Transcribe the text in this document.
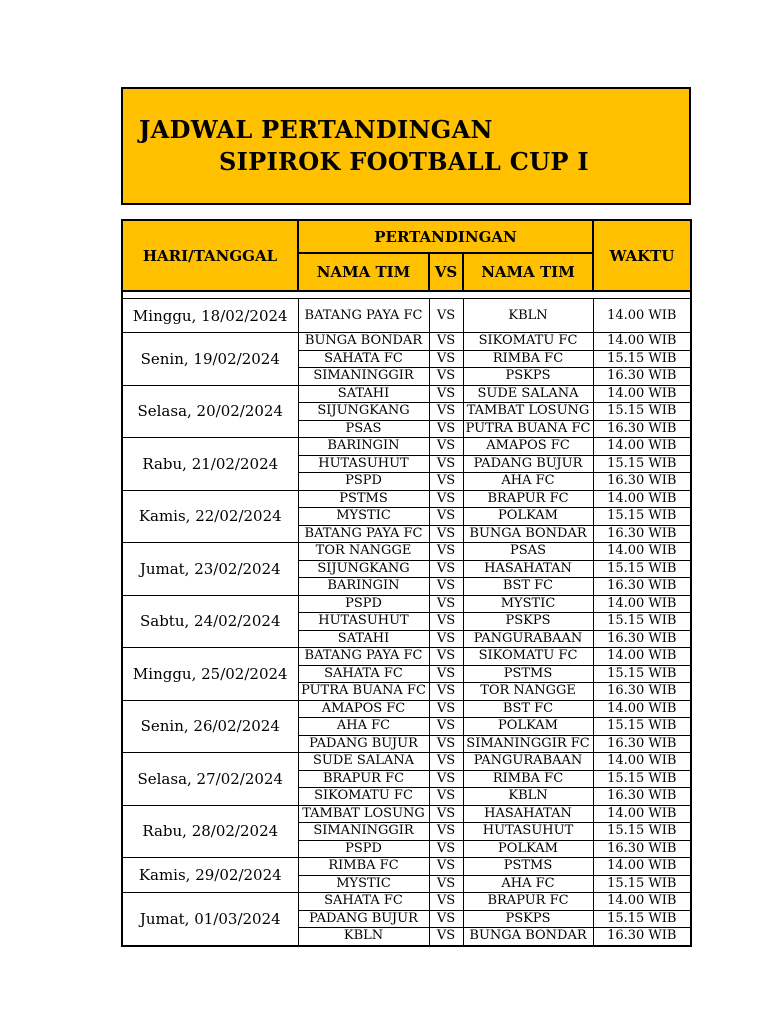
JADWAL PERTANDINGAN
SIPIROK FOOTBALL CUP I
HARI/TANGGAL	PERTANDINGAN			WAKTU
	NAMA TIM	VS	NAMA TIM	

Minggu, 18/02/2024	BATANG PAYA FC	VS	KBLN	14.00 WIB
Senin, 19/02/2024	BUNGA BONDAR	VS	SIKOMATU FC	14.00 WIB
	SAHATA FC	VS	RIMBA FC	15.15 WIB
	SIMANINGGIR	VS	PSKPS	16.30 WIB
Selasa, 20/02/2024	SATAHI	VS	SUDE SALANA	14.00 WIB
	SIJUNGKANG	VS	TAMBAT LOSUNG	15.15 WIB
	PSAS	VS	PUTRA BUANA FC	16.30 WIB
Rabu, 21/02/2024	BARINGIN	VS	AMAPOS FC	14.00 WIB
	HUTASUHUT	VS	PADANG BUJUR	15.15 WIB
	PSPD	VS	AHA FC	16.30 WIB
Kamis, 22/02/2024	PSTMS	VS	BRAPUR FC	14.00 WIB
	MYSTIC	VS	POLKAM	15.15 WIB
	BATANG PAYA FC	VS	BUNGA BONDAR	16.30 WIB
Jumat, 23/02/2024	TOR NANGGE	VS	PSAS	14.00 WIB
	SIJUNGKANG	VS	HASAHATAN	15.15 WIB
	BARINGIN	VS	BST FC	16.30 WIB
Sabtu, 24/02/2024	PSPD	VS	MYSTIC	14.00 WIB
	HUTASUHUT	VS	PSKPS	15.15 WIB
	SATAHI	VS	PANGURABAAN	16.30 WIB
Minggu, 25/02/2024	BATANG PAYA FC	VS	SIKOMATU FC	14.00 WIB
	SAHATA FC	VS	PSTMS	15.15 WIB
	PUTRA BUANA FC	VS	TOR NANGGE	16.30 WIB
Senin, 26/02/2024	AMAPOS FC	VS	BST FC	14.00 WIB
	AHA FC	VS	POLKAM	15.15 WIB
	PADANG BUJUR	VS	SIMANINGGIR FC	16.30 WIB
Selasa, 27/02/2024	SUDE SALANA	VS	PANGURABAAN	14.00 WIB
	BRAPUR FC	VS	RIMBA FC	15.15 WIB
	SIKOMATU FC	VS	KBLN	16.30 WIB
Rabu, 28/02/2024	TAMBAT LOSUNG	VS	HASAHATAN	14.00 WIB
	SIMANINGGIR	VS	HUTASUHUT	15.15 WIB
	PSPD	VS	POLKAM	16.30 WIB
Kamis, 29/02/2024	RIMBA FC	VS	PSTMS	14.00 WIB
	MYSTIC	VS	AHA FC	15.15 WIB
Jumat, 01/03/2024	SAHATA FC	VS	BRAPUR FC	14.00 WIB
	PADANG BUJUR	VS	PSKPS	15.15 WIB
	KBLN	VS	BUNGA BONDAR	16.30 WIB
